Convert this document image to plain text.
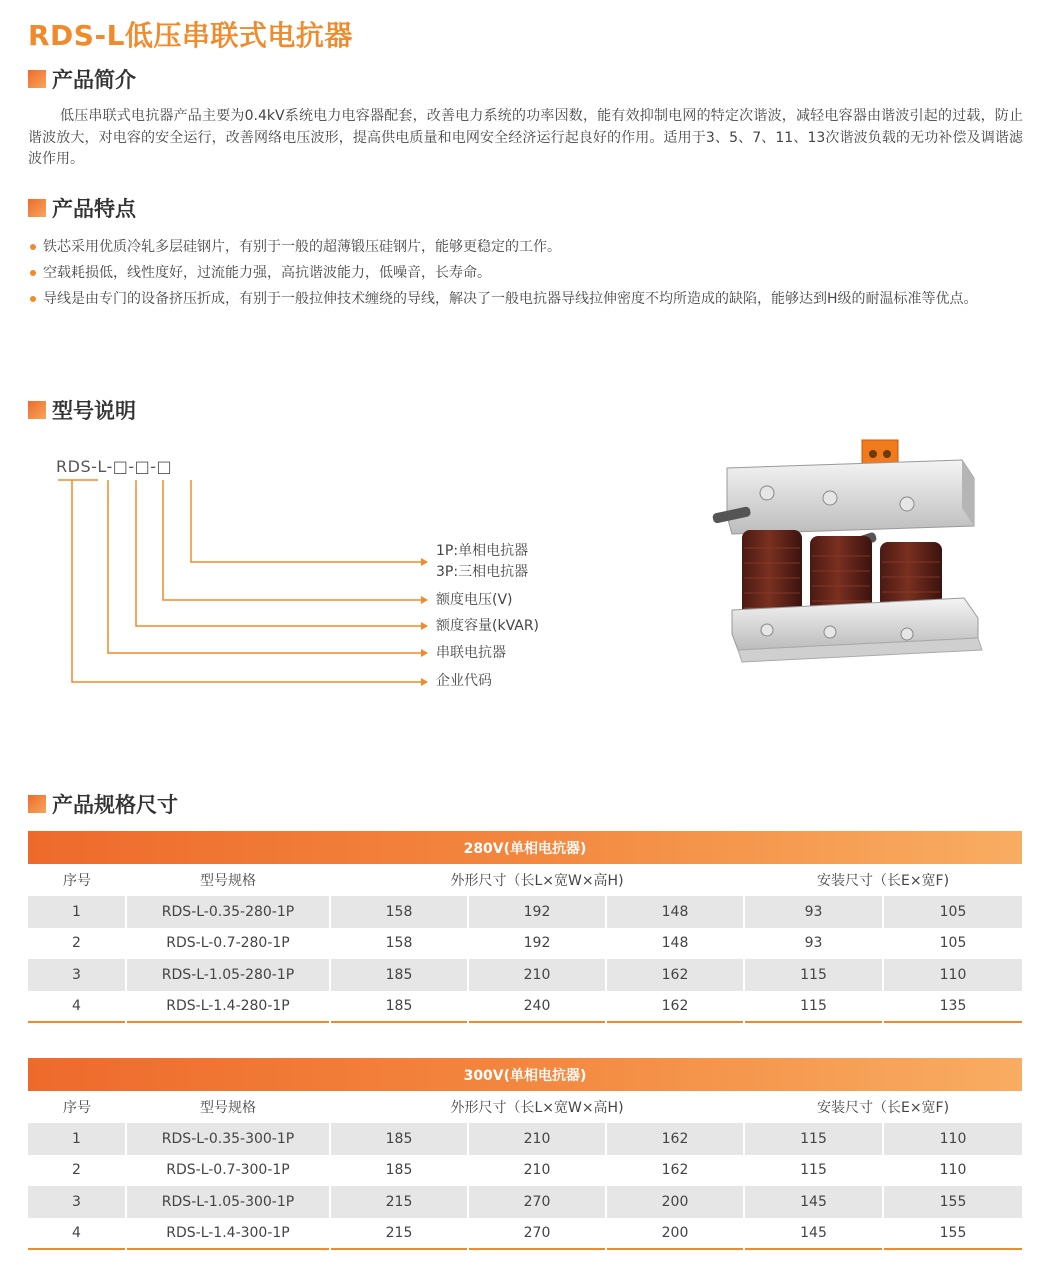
RDS-L低压串联式电抗器
产品简介

低压串联式电抗器产品主要为0.4kV系统电力电容器配套，改善电力系统的功率因数，能有效抑制电网的特定次谐波，减轻电容器由谐波引起的过载，防止谐波放大，对电容的安全运行，改善网络电压波形，提高供电质量和电网安全经济运行起良好的作用。适用于3、5、7、11、13次谐波负载的无功补偿及调谐滤波作用。

产品特点
铁芯采用优质冷轧多层硅钢片，有别于一般的超薄锻压硅钢片，能够更稳定的工作。
空载耗损低，线性度好，过流能力强，高抗谐波能力，低噪音，长寿命。
导线是由专门的设备挤压折成，有别于一般拉伸技术缠绕的导线，解决了一般电抗器导线拉伸密度不均所造成的缺陷，能够达到H级的耐温标准等优点。
型号说明
RDS-L-□-□-□
1P:单相电抗器
3P:三相电抗器
额度电压(V)
额度容量(kVAR)
串联电抗器
企业代码
产品规格尺寸
280V(单相电抗器)						
序号	型号规格	外形尺寸（长L×宽W×高H)			安装尺寸（长E×宽F)	
1	RDS-L-0.35-280-1P	158	192	148	93	105
2	RDS-L-0.7-280-1P	158	192	148	93	105
3	RDS-L-1.05-280-1P	185	210	162	115	110
4	RDS-L-1.4-280-1P	185	240	162	115	135
300V(单相电抗器)						
序号	型号规格	外形尺寸（长L×宽W×高H)			安装尺寸（长E×宽F)	
1	RDS-L-0.35-300-1P	185	210	162	115	110
2	RDS-L-0.7-300-1P	185	210	162	115	110
3	RDS-L-1.05-300-1P	215	270	200	145	155
4	RDS-L-1.4-300-1P	215	270	200	145	155
